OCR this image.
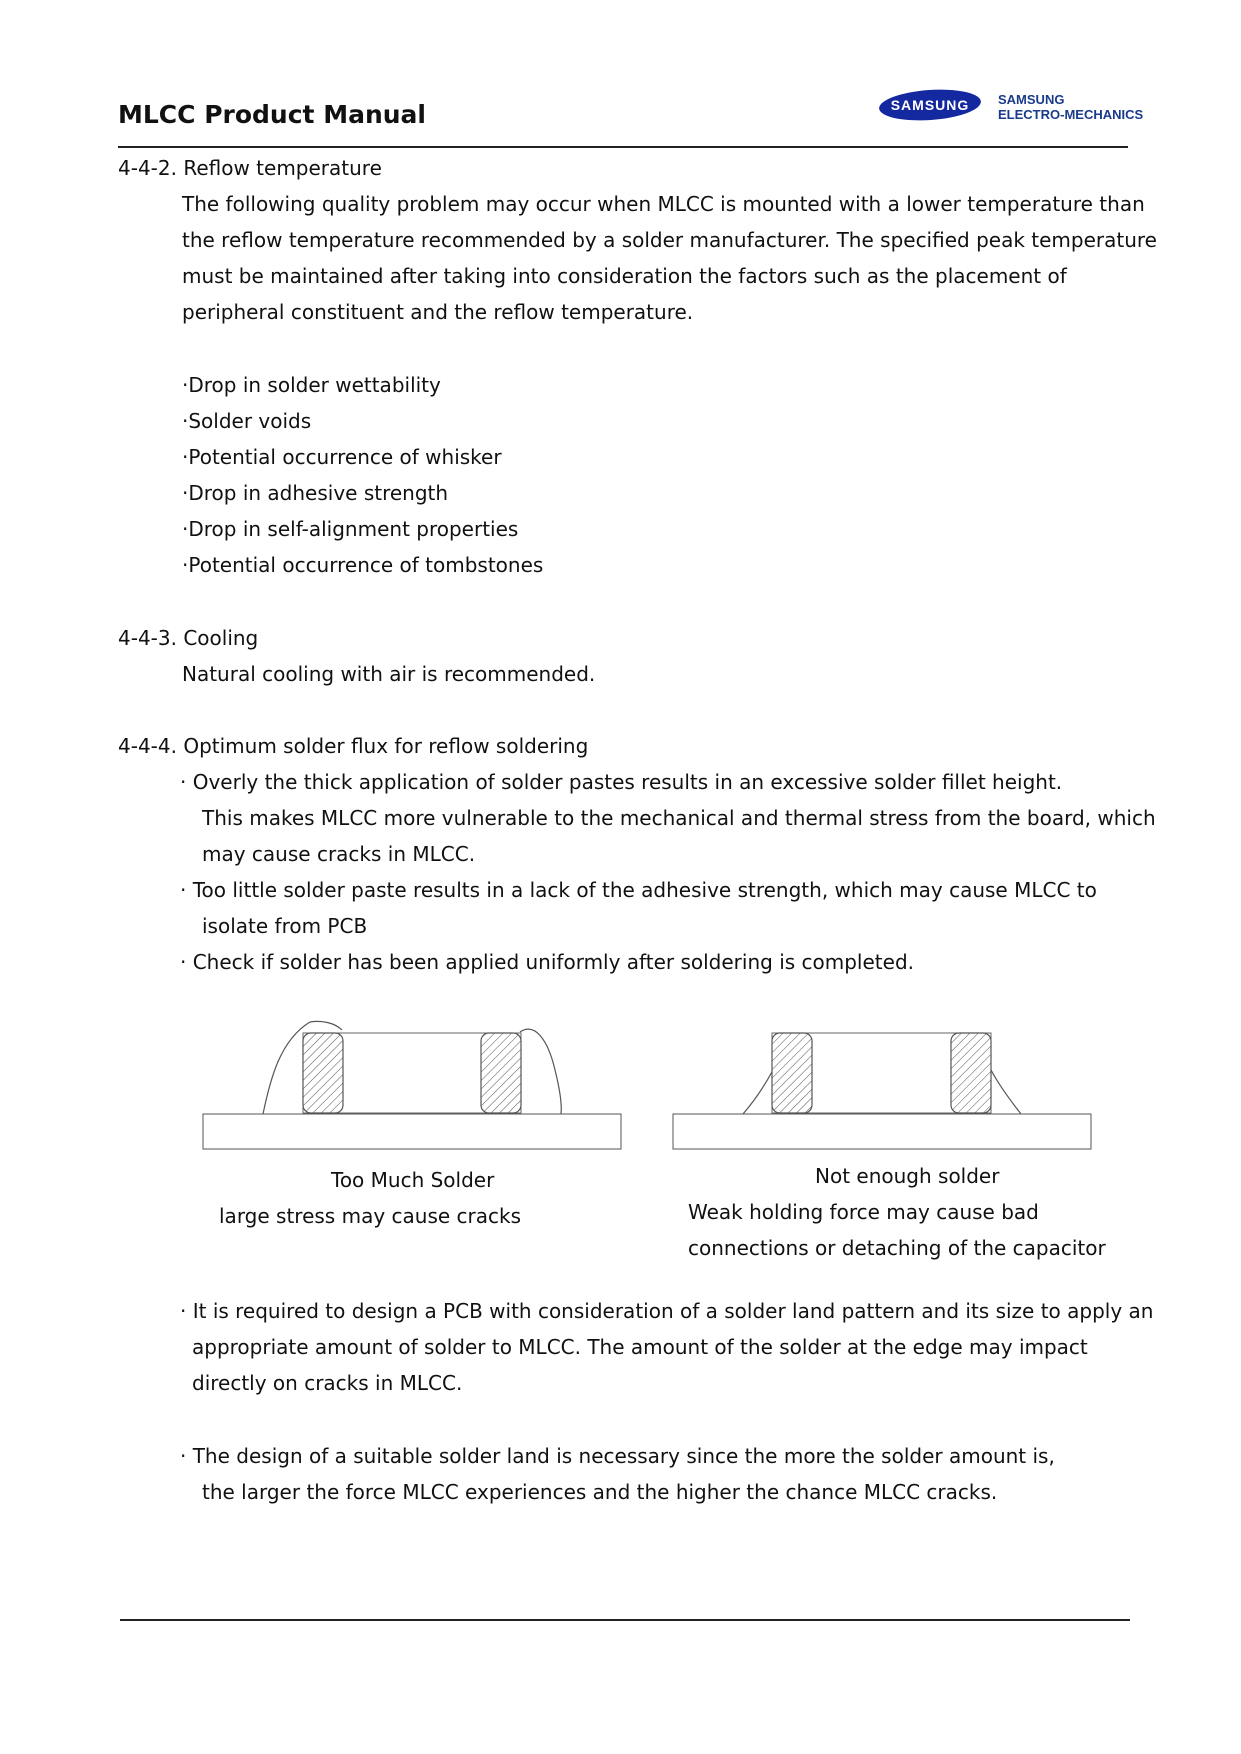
MLCC Product Manual	SAMSUNG SAMSUNG
ELECTRO-MECHANICS
4-4-2. Reflow temperature
The following quality problem may occur when MLCC is mounted with a lower temperature than
the reflow temperature recommended by a solder manufacturer. The specified peak temperature
must be maintained after taking into consideration the factors such as the placement of
peripheral constituent and the reflow temperature.
·Drop in solder wettability
·Solder voids
·Potential occurrence of whisker
·Drop in adhesive strength
·Drop in self-alignment properties
·Potential occurrence of tombstones
4-4-3. Cooling
Natural cooling with air is recommended.
4-4-4. Optimum solder flux for reflow soldering
· Overly the thick application of solder pastes results in an excessive solder fillet height.
This makes MLCC more vulnerable to the mechanical and thermal stress from the board, which
may cause cracks in MLCC.
· Too little solder paste results in a lack of the adhesive strength, which may cause MLCC to
isolate from PCB
· Check if solder has been applied uniformly after soldering is completed.
Too Much Solder
large stress may cause cracks
Not enough solder
Weak holding force may cause bad
connections or detaching of the capacitor
· It is required to design a PCB with consideration of a solder land pattern and its size to apply an
appropriate amount of solder to MLCC. The amount of the solder at the edge may impact
directly on cracks in MLCC.
· The design of a suitable solder land is necessary since the more the solder amount is,
the larger the force MLCC experiences and the higher the chance MLCC cracks.
